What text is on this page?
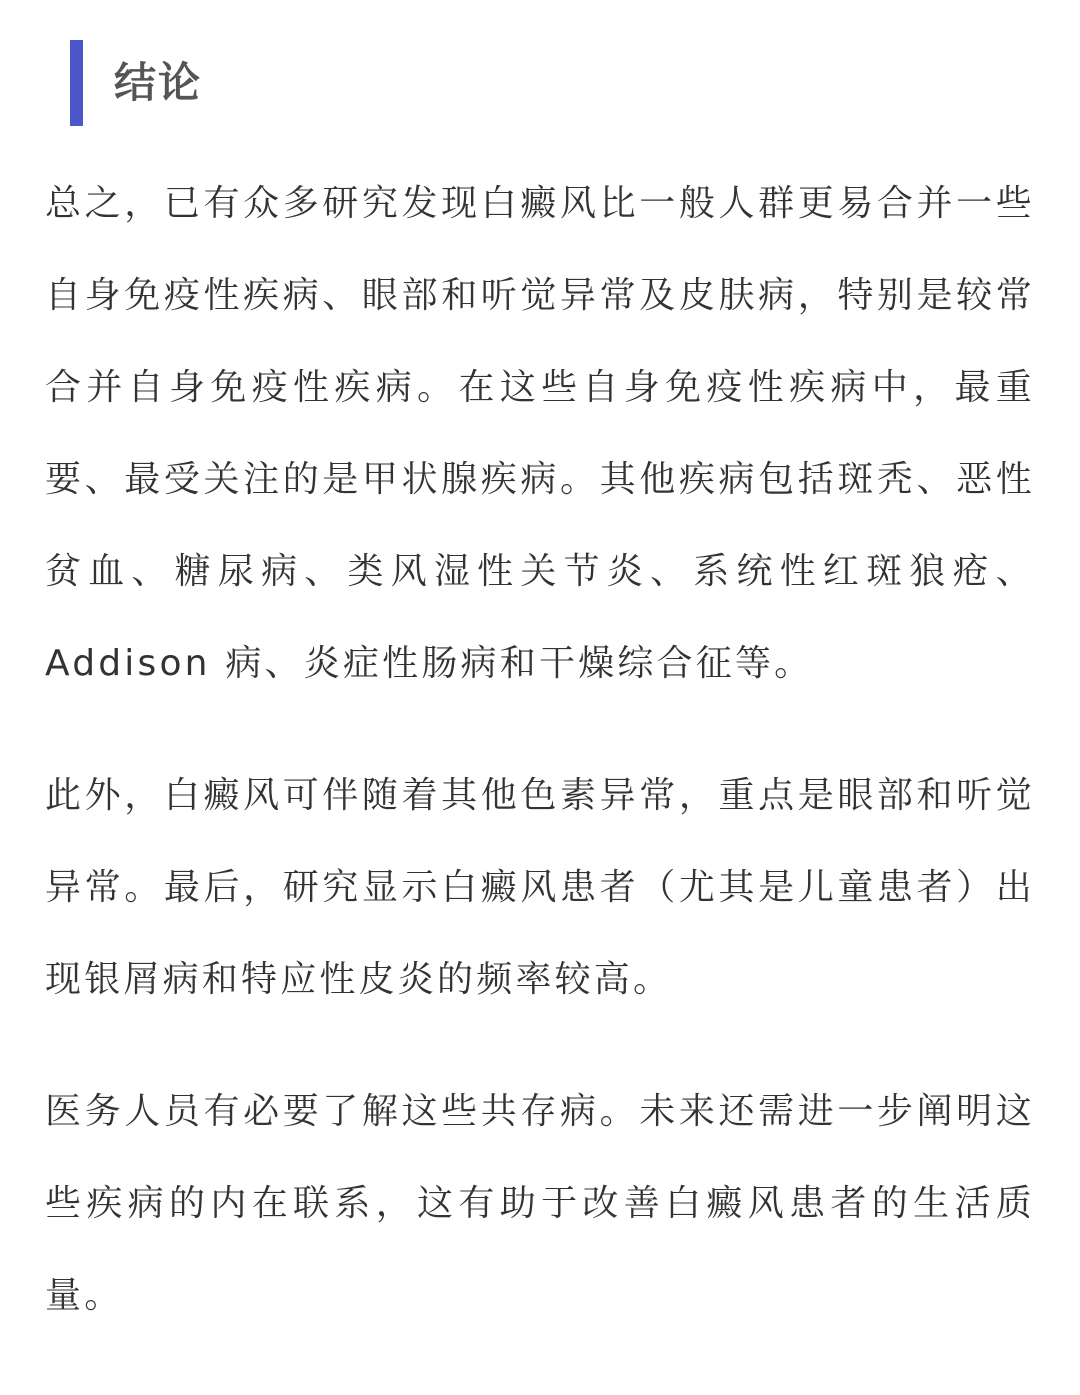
结论

总之，已有众多研究发现白癜风比一般人群更易合并一些自身免疫性疾病、眼部和听觉异常及皮肤病，特别是较常合并自身免疫性疾病。在这些自身免疫性疾病中，最重要、最受关注的是甲状腺疾病。其他疾病包括斑秃、恶性贫血、糖尿病、类风湿性关节炎、系统性红斑狼疮、Addison 病、炎症性肠病和干燥综合征等。

此外，白癜风可伴随着其他色素异常，重点是眼部和听觉异常。最后，研究显示白癜风患者（尤其是儿童患者）出现银屑病和特应性皮炎的频率较高。

医务人员有必要了解这些共存病。未来还需进一步阐明这些疾病的内在联系，这有助于改善白癜风患者的生活质量。
